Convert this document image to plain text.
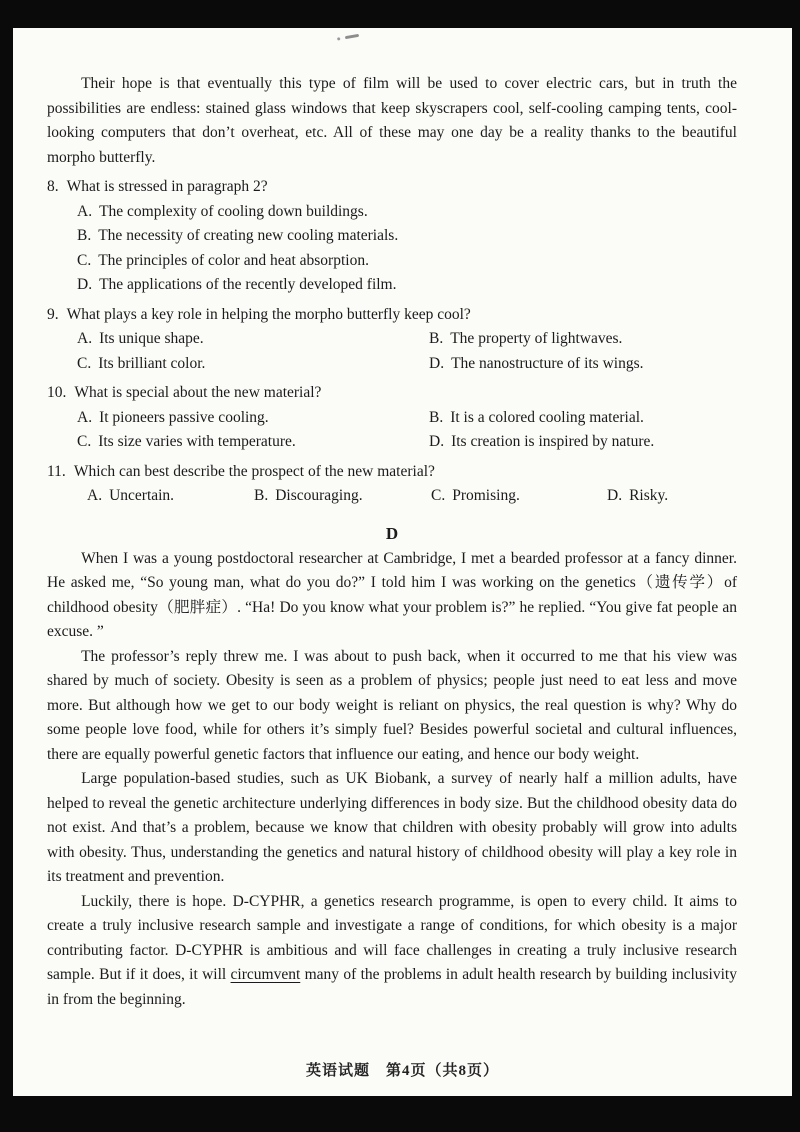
Their hope is that eventually this type of film will be used to cover electric cars, but in truth the possibilities are endless: stained glass windows that keep skyscrapers cool, self-cooling camping tents, cool-looking computers that don’t overheat, etc. All of these may one day be a reality thanks to the beautiful morpho butterfly.

8. What is stressed in paragraph 2?
A. The complexity of cooling down buildings.
B. The necessity of creating new cooling materials.
C. The principles of color and heat absorption.
D. The applications of the recently developed film.
9. What plays a key role in helping the morpho butterfly keep cool?
A. Its unique shape.	B. The property of lightwaves.
C. Its brilliant color.	D. The nanostructure of its wings.
10. What is special about the new material?
A. It pioneers passive cooling.	B. It is a colored cooling material.
C. Its size varies with temperature.	D. Its creation is inspired by nature.
11. Which can best describe the prospect of the new material?
A. Uncertain.	B. Discouraging.	C. Promising.	D. Risky.
D

When I was a young postdoctoral researcher at Cambridge, I met a bearded professor at a fancy dinner. He asked me, “So young man, what do you do?” I told him I was working on the genetics（遗传学）of childhood obesity（肥胖症）. “Ha! Do you know what your problem is?” he replied. “You give fat people an excuse. ”

The professor’s reply threw me. I was about to push back, when it occurred to me that his view was shared by much of society. Obesity is seen as a problem of physics; people just need to eat less and move more. But although how we get to our body weight is reliant on physics, the real question is why? Why do some people love food, while for others it’s simply fuel? Besides powerful societal and cultural influences, there are equally powerful genetic factors that influence our eating, and hence our body weight.

Large population-based studies, such as UK Biobank, a survey of nearly half a million adults, have helped to reveal the genetic architecture underlying differences in body size. But the childhood obesity data do not exist. And that’s a problem, because we know that children with obesity probably will grow into adults with obesity. Thus, understanding the genetics and natural history of childhood obesity will play a key role in its treatment and prevention.

Luckily, there is hope. D-CYPHR, a genetics research programme, is open to every child. It aims to create a truly inclusive research sample and investigate a range of conditions, for which obesity is a major contributing factor. D-CYPHR is ambitious and will face challenges in creating a truly inclusive research sample. But if it does, it will circumvent many of the problems in adult health research by building inclusivity in from the beginning.

英语试题　第4页（共8页）
